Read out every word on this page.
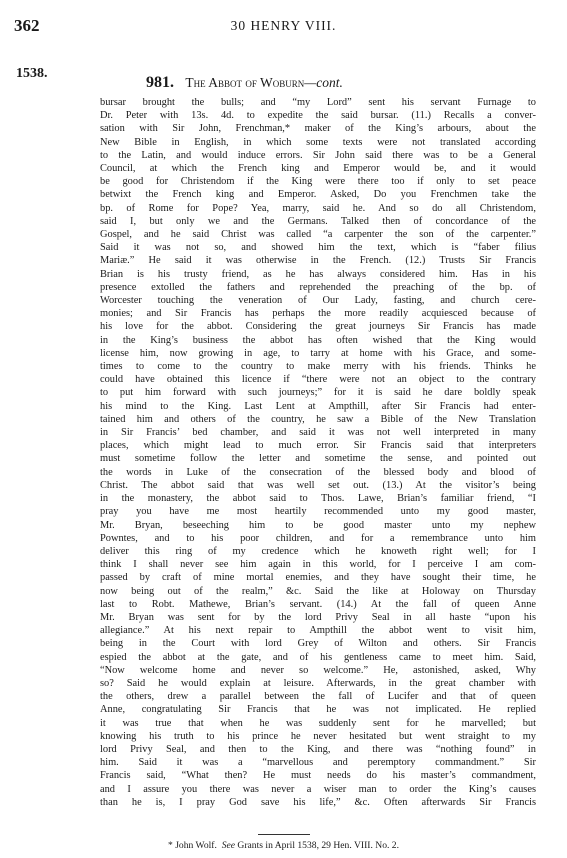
362	30 HENRY VIII.
1538.
981. The Abbot of Woburn—cont.
bursar brought the bulls; and “my Lord” sent his servant Furnage to
Dr. Peter with 13s. 4d. to expedite the said bursar. (11.) Recalls a conver-
sation with Sir John, Frenchman,* maker of the King’s arbours, about the
New Bible in English, in which some texts were not translated according
to the Latin, and would induce errors. Sir John said there was to be a General
Council, at which the French king and Emperor would be, and it would
be good for Christendom if the King were there too if only to set peace
betwixt the French king and Emperor. Asked, Do you Frenchmen take the
bp. of Rome for Pope? Yea, marry, said he. And so do all Christendom,
said I, but only we and the Germans. Talked then of concordance of the
Gospel, and he said Christ was called “a carpenter the son of the carpenter.”
Said it was not so, and showed him the text, which is “faber filius
Mariæ.” He said it was otherwise in the French. (12.) Trusts Sir Francis
Brian is his trusty friend, as he has always considered him. Has in his
presence extolled the fathers and reprehended the preaching of the bp. of
Worcester touching the veneration of Our Lady, fasting, and church cere-
monies; and Sir Francis has perhaps the more readily acquiesced because of
his love for the abbot. Considering the great journeys Sir Francis has made
in the King’s business the abbot has often wished that the King would
license him, now growing in age, to tarry at home with his Grace, and some-
times to come to the country to make merry with his friends. Thinks he
could have obtained this licence if “there were not an object to the contrary
to put him forward with such journeys;” for it is said he dare boldly speak
his mind to the King. Last Lent at Ampthill, after Sir Francis had enter-
tained him and others of the country, he saw a Bible of the New Translation
in Sir Francis’ bed chamber, and said it was not well interpreted in many
places, which might lead to much error. Sir Francis said that interpreters
must sometime follow the letter and sometime the sense, and pointed out
the words in Luke of the consecration of the blessed body and blood of
Christ. The abbot said that was well set out. (13.) At the visitor’s being
in the monastery, the abbot said to Thos. Lawe, Brian’s familiar friend, “I
pray you have me most heartily recommended unto my good master,
Mr. Bryan, beseeching him to be good master unto my nephew
Powntes, and to his poor children, and for a remembrance unto him
deliver this ring of my credence which he knoweth right well; for I
think I shall never see him again in this world, for I perceive I am com-
passed by craft of mine mortal enemies, and they have sought their time, he
now being out of the realm,” &c. Said the like at Holoway on Thursday
last to Robt. Mathewe, Brian’s servant. (14.) At the fall of queen Anne
Mr. Bryan was sent for by the lord Privy Seal in all haste “upon his
allegiance.” At his next repair to Ampthill the abbot went to visit him,
being in the Court with lord Grey of Wilton and others. Sir Francis
espied the abbot at the gate, and of his gentleness came to meet him. Said,
“Now welcome home and never so welcome.” He, astonished, asked, Why
so? Said he would explain at leisure. Afterwards, in the great chamber with
the others, drew a parallel between the fall of Lucifer and that of queen
Anne, congratulating Sir Francis that he was not implicated. He replied
it was true that when he was suddenly sent for he marvelled; but
knowing his truth to his prince he never hesitated but went straight to my
lord Privy Seal, and then to the King, and there was “nothing found” in
him. Said it was a “marvellous and peremptory commandment.” Sir
Francis said, “What then? He must needs do his master’s commandment,
and I assure you there was never a wiser man to order the King’s causes
than he is, I pray God save his life,” &c. Often afterwards Sir Francis
* John Wolf. See Grants in April 1538, 29 Hen. VIII. No. 2.
